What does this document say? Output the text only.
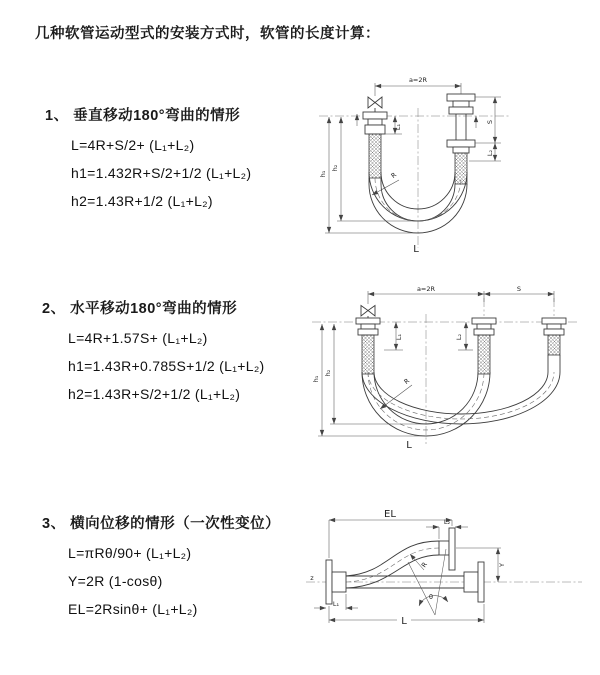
几种软管运动型式的安装方式时，软管的长度计算：
1、 垂直移动180°弯曲的情形
L=4R+S/2+ (L₁+L₂)
h1=1.432R+S/2+1/2 (L₁+L₂)
h2=1.43R+1/2 (L₁+L₂)
a=2R
L₁
S
L₂
h₁
h₂
R
L
2、 水平移动180°弯曲的情形
L=4R+1.57S+ (L₁+L₂)
h1=1.43R+0.785S+1/2 (L₁+L₂)
h2=1.43R+S/2+1/2 (L₁+L₂)
a=2R	S
L₁	L₂
h₁
h₂
R
L
3、 横向位移的情形（一次性变位）
L=πRθ/90+ (L₁+L₂)
Y=2R (1-cosθ)
EL=2Rsinθ+ (L₁+L₂)
EL
L₂
Y
R
θ
L
L₁
z
